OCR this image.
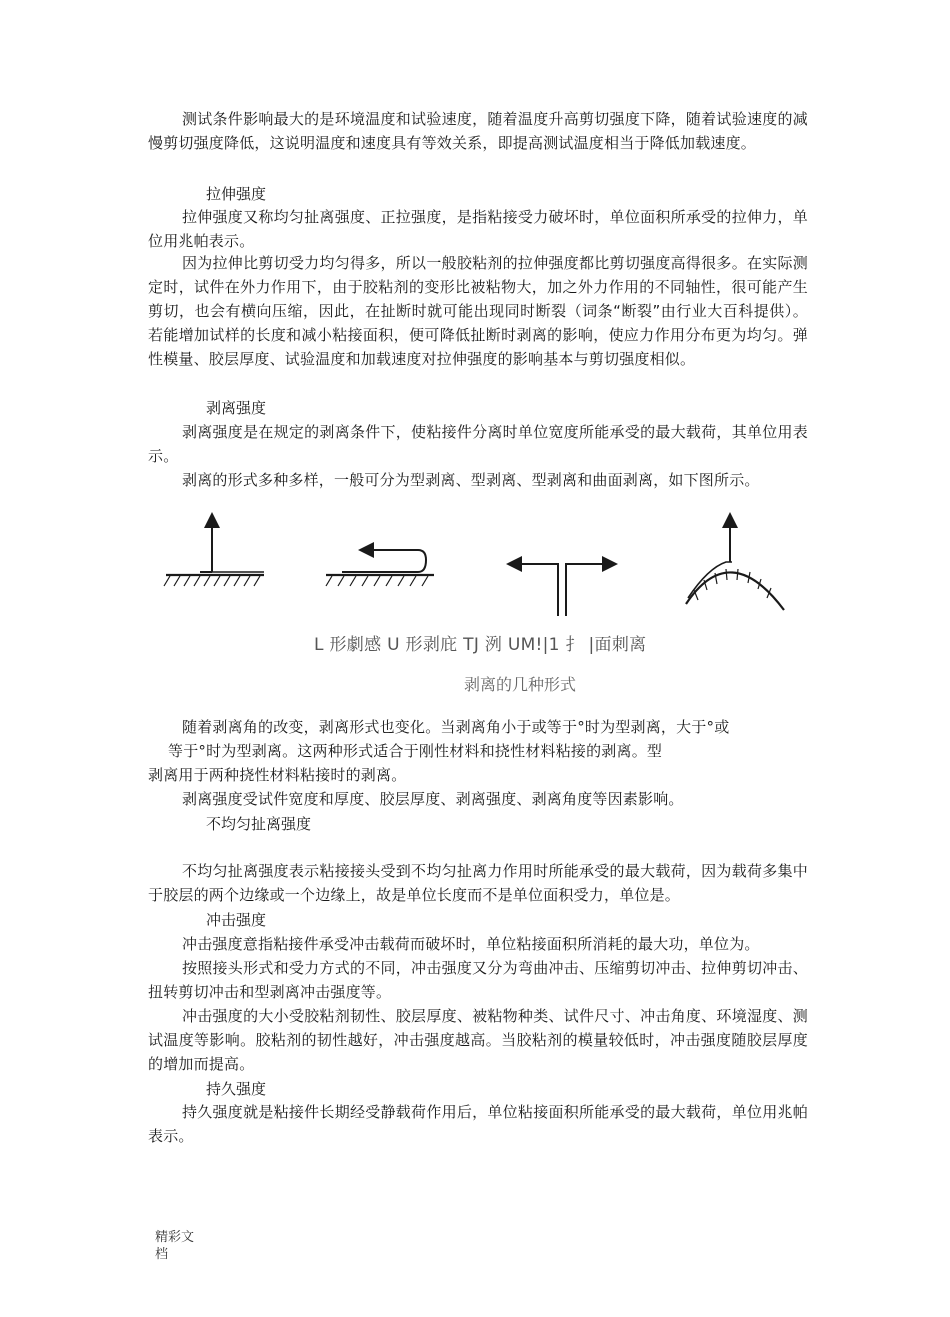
测试条件影响最大的是环境温度和试验速度，随着温度升高剪切强度下降，随着试验速度的减慢剪切强度降低，这说明温度和速度具有等效关系，即提高测试温度相当于降低加载速度。

拉伸强度

拉伸强度又称均匀扯离强度、正拉强度，是指粘接受力破坏时，单位面积所承受的拉伸力，单位用兆帕表示。

因为拉伸比剪切受力均匀得多，所以一般胶粘剂的拉伸强度都比剪切强度高得很多。在实际测定时，试件在外力作用下，由于胶粘剂的变形比被粘物大，加之外力作用的不同轴性，很可能产生剪切，也会有横向压缩，因此，在扯断时就可能出现同时断裂（词条“断裂”由行业大百科提供）。若能增加试样的长度和减小粘接面积，便可降低扯断时剥离的影响，使应力作用分布更为均匀。弹性模量、胶层厚度、试验温度和加载速度对拉伸强度的影响基本与剪切强度相似。

剥离强度

剥离强度是在规定的剥离条件下，使粘接件分离时单位宽度所能承受的最大载荷，其单位用表示。

剥离的形式多种多样，一般可分为型剥离、型剥离、型剥离和曲面剥离，如下图所示。

L 形劇感 U 形剥庇 TJ 洌 UM!|1 扌 |面刺离

剥离的几种形式

随着剥离角的改变，剥离形式也变化。当剥离角小于或等于°时为型剥离，大于°或

等于°时为型剥离。这两种形式适合于刚性材料和挠性材料粘接的剥离。型

剥离用于两种挠性材料粘接时的剥离。

剥离强度受试件宽度和厚度、胶层厚度、剥离强度、剥离角度等因素影响。

不均匀扯离强度

不均匀扯离强度表示粘接接头受到不均匀扯离力作用时所能承受的最大载荷，因为载荷多集中于胶层的两个边缘或一个边缘上，故是单位长度而不是单位面积受力，单位是。

冲击强度

冲击强度意指粘接件承受冲击载荷而破坏时，单位粘接面积所消耗的最大功，单位为。

按照接头形式和受力方式的不同，冲击强度又分为弯曲冲击、压缩剪切冲击、拉伸剪切冲击、扭转剪切冲击和型剥离冲击强度等。

冲击强度的大小受胶粘剂韧性、胶层厚度、被粘物种类、试件尺寸、冲击角度、环境湿度、测试温度等影响。胶粘剂的韧性越好，冲击强度越高。当胶粘剂的模量较低时，冲击强度随胶层厚度的增加而提高。

持久强度

持久强度就是粘接件长期经受静载荷作用后，单位粘接面积所能承受的最大载荷，单位用兆帕表示。

精彩文档
